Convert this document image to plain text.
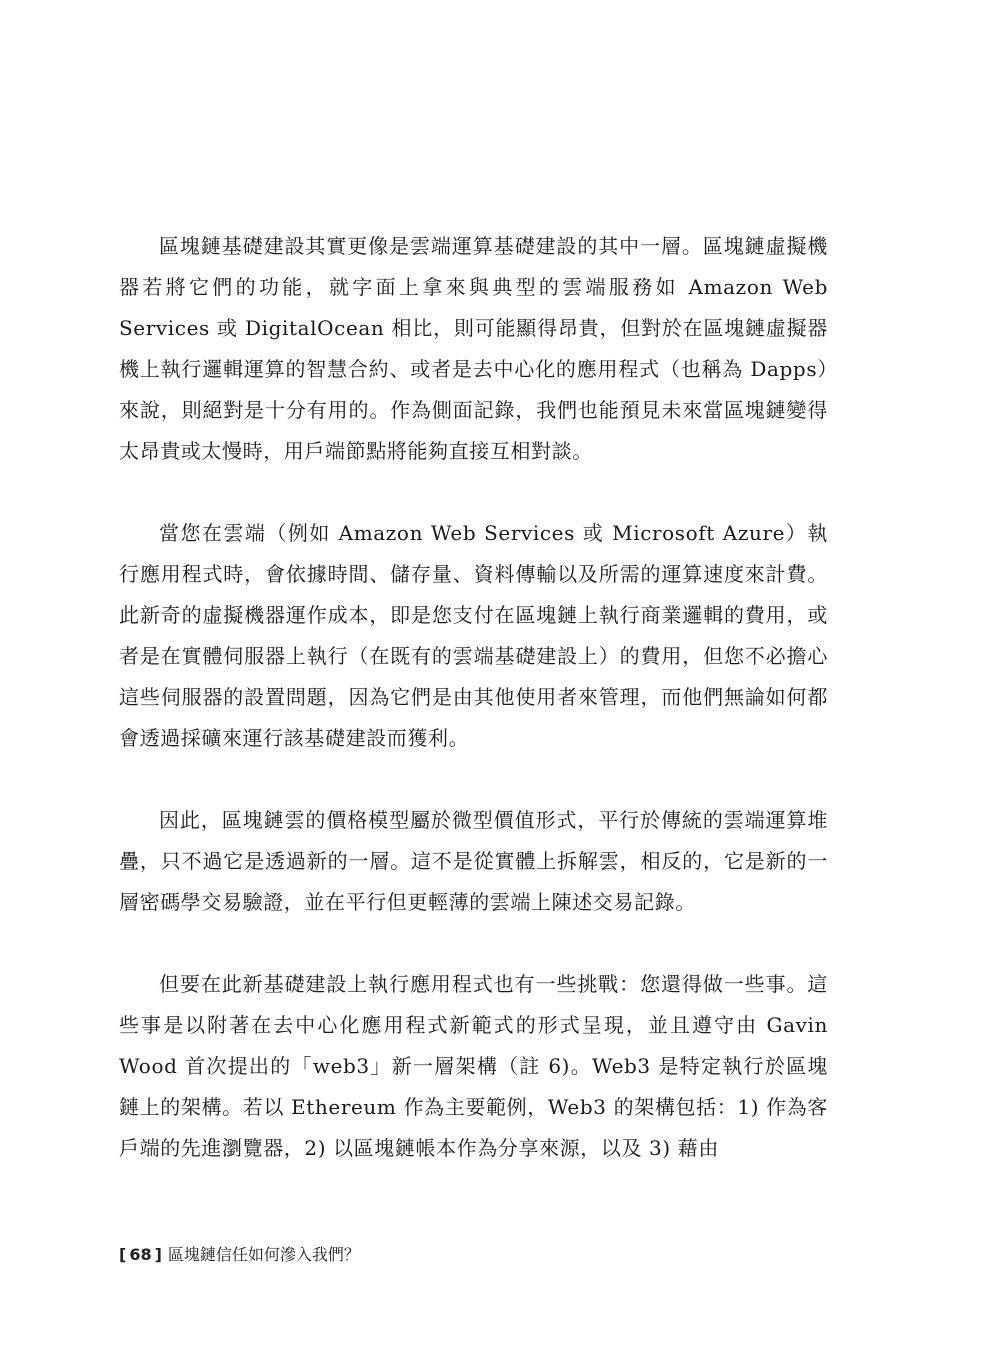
區塊鏈基礎建設其實更像是雲端運算基礎建設的其中一層。區塊鏈虛擬機器若將它們的功能，就字面上拿來與典型的雲端服務如 Amazon Web Services 或 DigitalOcean 相比，則可能顯得昂貴，但對於在區塊鏈虛擬器機上執行邏輯運算的智慧合約、或者是去中心化的應用程式（也稱為 Dapps）來說，則絕對是十分有用的。作為側面記錄，我們也能預見未來當區塊鏈變得太昂貴或太慢時，用戶端節點將能夠直接互相對談。

當您在雲端（例如 Amazon Web Services 或 Microsoft Azure）執行應用程式時，會依據時間、儲存量、資料傳輸以及所需的運算速度來計費。此新奇的虛擬機器運作成本，即是您支付在區塊鏈上執行商業邏輯的費用，或者是在實體伺服器上執行（在既有的雲端基礎建設上）的費用，但您不必擔心這些伺服器的設置問題，因為它們是由其他使用者來管理，而他們無論如何都會透過採礦來運行該基礎建設而獲利。

因此，區塊鏈雲的價格模型屬於微型價值形式，平行於傳統的雲端運算堆疊，只不過它是透過新的一層。這不是從實體上拆解雲，相反的，它是新的一層密碼學交易驗證，並在平行但更輕薄的雲端上陳述交易記錄。

但要在此新基礎建設上執行應用程式也有一些挑戰：您還得做一些事。這些事是以附著在去中心化應用程式新範式的形式呈現，並且遵守由 Gavin Wood 首次提出的「web3」新一層架構（註 6)。Web3 是特定執行於區塊鏈上的架構。若以 Ethereum 作為主要範例，Web3 的架構包括：1) 作為客戶端的先進瀏覽器，2) 以區塊鏈帳本作為分享來源，以及 3) 藉由

[ 68 ] 區塊鏈信任如何滲入我們？
